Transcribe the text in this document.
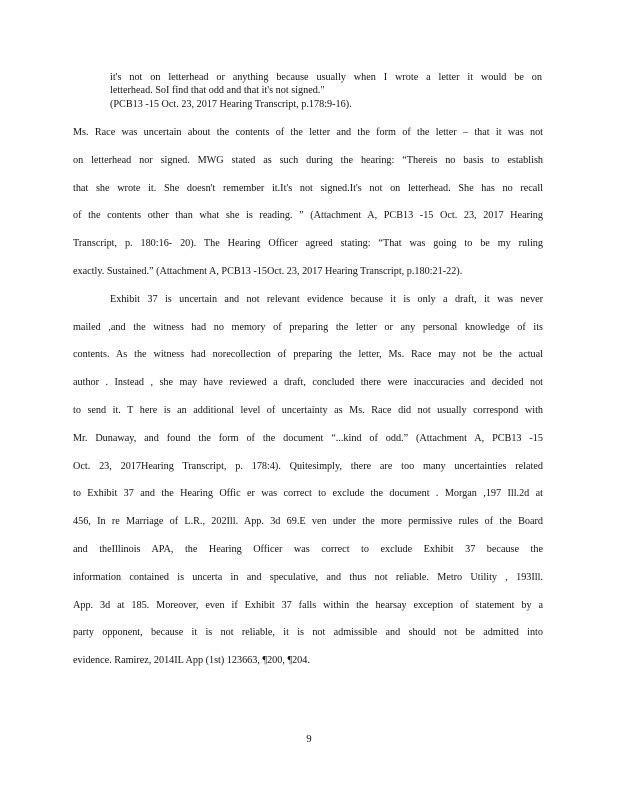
it's not on letterhead or anything because usually when I wrote a letter it would be on
letterhead. SoI find that odd and that it's not signed."
(PCB13 -15 Oct. 23, 2017 Hearing Transcript, p.178:9-16).
Ms. Race was uncertain about the contents of the letter and the form of the letter – that it was not
on letterhead nor signed. MWG stated as such during the hearing: “Thereis no basis to establish
that she wrote it. She doesn't remember it.It's not signed.It's not on letterhead. She has no recall
of the contents other than what she is reading. ” (Attachment A, PCB13 -15 Oct. 23, 2017 Hearing
Transcript, p. 180:16- 20). The Hearing Officer agreed stating: “That was going to be my ruling
exactly. Sustained.” (Attachment A, PCB13 -15Oct. 23, 2017 Hearing Transcript, p.180:21-22).
Exhibit 37 is uncertain and not relevant evidence because it is only a draft, it was never
mailed ,and the witness had no memory of preparing the letter or any personal knowledge of its
contents. As the witness had norecollection of preparing the letter, Ms. Race may not be the actual
author . Instead , she may have reviewed a draft, concluded there were inaccuracies and decided not
to send it. T here is an additional level of uncertainty as Ms. Race did not usually correspond with
Mr. Dunaway, and found the form of the document “...kind of odd.” (Attachment A, PCB13 -15
Oct. 23, 2017Hearing Transcript, p. 178:4). Quitesimply, there are too many uncertainties related
to Exhibit 37 and the Hearing Offic er was correct to exclude the document . Morgan ,197 Ill.2d at
456, In re Marriage of L.R., 202Ill. App. 3d 69.E ven under the more permissive rules of the Board
and theIllinois APA, the Hearing Officer was correct to exclude Exhibit 37 because the
information contained is uncerta in and speculative, and thus not reliable. Metro Utility , 193Ill.
App. 3d at 185. Moreover, even if Exhibit 37 falls within the hearsay exception of statement by a
party opponent, because it is not reliable, it is not admissible and should not be admitted into
evidence. Ramirez, 2014IL App (1st) 123663, ¶200, ¶204.
9
